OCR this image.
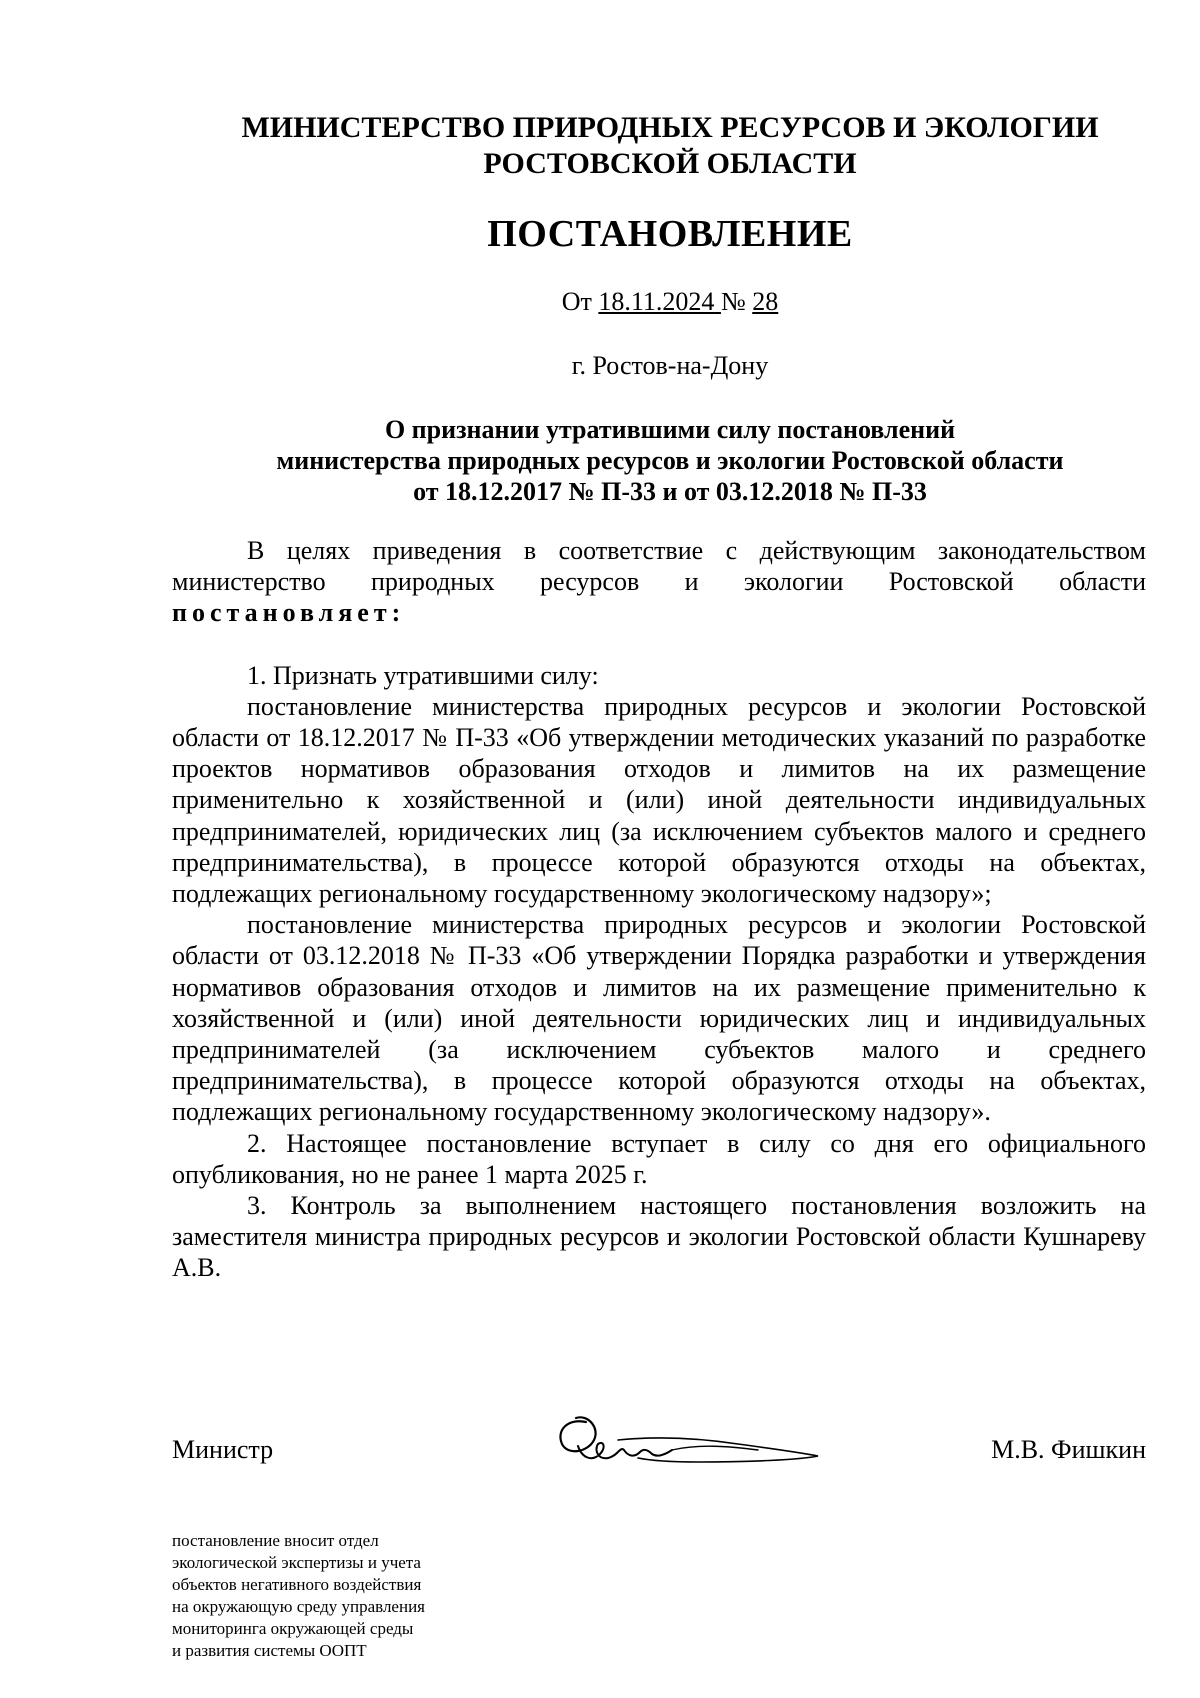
МИНИСТЕРСТВО ПРИРОДНЫХ РЕСУРСОВ И ЭКОЛОГИИ
РОСТОВСКОЙ ОБЛАСТИ
ПОСТАНОВЛЕНИЕ
От 18.11.2024 № 28
г. Ростов-на-Дону
О признании утратившими силу постановлений
министерства природных ресурсов и экологии Ростовской области
от 18.12.2017 № П-33 и от 03.12.2018 № П-33

В целях приведения в соответствие с действующим законодательством министерство природных ресурсов и экологии Ростовской области постановляет:

1. Признать утратившими силу:

постановление министерства природных ресурсов и экологии Ростовской области от 18.12.2017 № П-33 «Об утверждении методических указаний по разработке проектов нормативов образования отходов и лимитов на их размещение применительно к хозяйственной и (или) иной деятельности индивидуальных предпринимателей, юридических лиц (за исключением субъектов малого и среднего предпринимательства), в процессе которой образуются отходы на объектах, подлежащих региональному государственному экологическому надзору»;

постановление министерства природных ресурсов и экологии Ростовской области от 03.12.2018 № П-33 «Об утверждении Порядка разработки и утверждения нормативов образования отходов и лимитов на их размещение применительно к хозяйственной и (или) иной деятельности юридических лиц и индивидуальных предпринимателей (за исключением субъектов малого и среднего предпринимательства), в процессе которой образуются отходы на объектах, подлежащих региональному государственному экологическому надзору».

2. Настоящее постановление вступает в силу со дня его официального опубликования, но не ранее 1 марта 2025 г.

3. Контроль за выполнением настоящего постановления возложить на заместителя министра природных ресурсов и экологии Ростовской области Кушнареву А.В.

Министр	М.В. Фишкин
постановление вносит отдел
экологической экспертизы и учета
объектов негативного воздействия
на окружающую среду управления
мониторинга окружающей среды
и развития системы ООПТ
